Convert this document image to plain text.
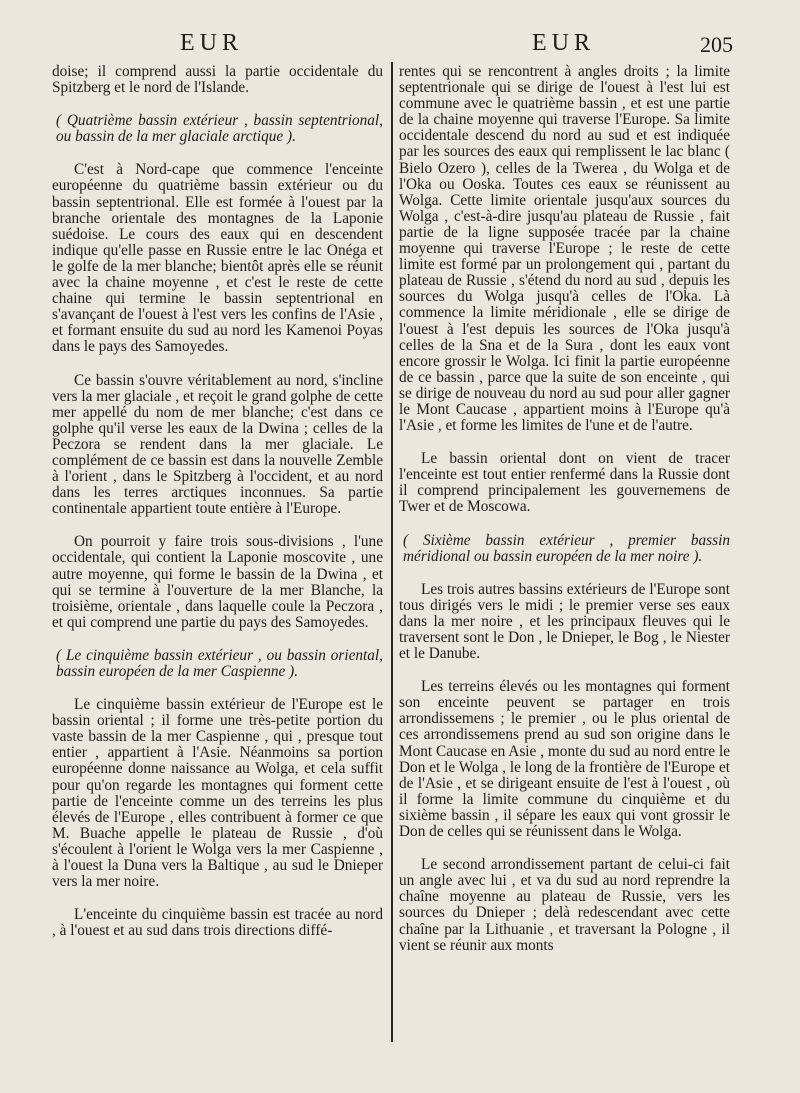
EUR	EUR	205

doise; il comprend aussi la partie occidentale du Spitzberg et le nord de l'Islande.

( Quatrième bassin extérieur , bassin septentrional, ou bassin de la mer glaciale arctique ).

C'est à Nord-cape que commence l'enceinte européenne du quatrième bassin extérieur ou du bassin septentrional. Elle est formée à l'ouest par la branche orientale des montagnes de la Laponie suédoise. Le cours des eaux qui en descendent indique qu'elle passe en Russie entre le lac Onéga et le golfe de la mer blanche; bientôt après elle se réunit avec la chaine moyenne , et c'est le reste de cette chaine qui termine le bassin septentrional en s'avançant de l'ouest à l'est vers les confins de l'Asie , et formant ensuite du sud au nord les Kamenoi Poyas dans le pays des Samoyedes.

Ce bassin s'ouvre véritablement au nord, s'incline vers la mer glaciale , et reçoit le grand golphe de cette mer appellé du nom de mer blanche; c'est dans ce golphe qu'il verse les eaux de la Dwina ; celles de la Peczora se rendent dans la mer glaciale. Le complément de ce bassin est dans la nouvelle Zemble à l'orient , dans le Spitzberg à l'occident, et au nord dans les terres arctiques inconnues. Sa partie continentale appartient toute entière à l'Europe.

On pourroit y faire trois sous-divisions , l'une occidentale, qui contient la Laponie moscovite , une autre moyenne, qui forme le bassin de la Dwina , et qui se termine à l'ouverture de la mer Blanche, la troisième, orientale , dans laquelle coule la Peczora , et qui comprend une partie du pays des Samoyedes.

( Le cinquième bassin extérieur , ou bassin oriental, bassin européen de la mer Caspienne ).

Le cinquième bassin extérieur de l'Europe est le bassin oriental ; il forme une très-petite portion du vaste bassin de la mer Caspienne , qui , presque tout entier , appartient à l'Asie. Néanmoins sa portion européenne donne naissance au Wolga, et cela suffit pour qu'on regarde les montagnes qui forment cette partie de l'enceinte comme un des terreins les plus élevés de l'Europe , elles contribuent à former ce que M. Buache appelle le plateau de Russie , d'où s'écoulent à l'orient le Wolga vers la mer Caspienne , à l'ouest la Duna vers la Baltique , au sud le Dnieper vers la mer noire.

L'enceinte du cinquième bassin est tracée au nord , à l'ouest et au sud dans trois directions diffé-

rentes qui se rencontrent à angles droits ; la limite septentrionale qui se dirige de l'ouest à l'est lui est commune avec le quatrième bassin , et est une partie de la chaine moyenne qui traverse l'Europe. Sa limite occidentale descend du nord au sud et est indiquée par les sources des eaux qui remplissent le lac blanc ( Bielo Ozero ), celles de la Twerea , du Wolga et de l'Oka ou Ooska. Toutes ces eaux se réunissent au Wolga. Cette limite orientale jusqu'aux sources du Wolga , c'est-à-dire jusqu'au plateau de Russie , fait partie de la ligne supposée tracée par la chaine moyenne qui traverse l'Europe ; le reste de cette limite est formé par un prolongement qui , partant du plateau de Russie , s'étend du nord au sud , depuis les sources du Wolga jusqu'à celles de l'Oka. Là commence la limite méridionale , elle se dirige de l'ouest à l'est depuis les sources de l'Oka jusqu'à celles de la Sna et de la Sura , dont les eaux vont encore grossir le Wolga. Ici finit la partie européenne de ce bassin , parce que la suite de son enceinte , qui se dirige de nouveau du nord au sud pour aller gagner le Mont Caucase , appartient moins à l'Europe qu'à l'Asie , et forme les limites de l'une et de l'autre.

Le bassin oriental dont on vient de tracer l'enceinte est tout entier renfermé dans la Russie dont il comprend principalement les gouvernemens de Twer et de Moscowa.

( Sixième bassin extérieur , premier bassin méridional ou bassin européen de la mer noire ).

Les trois autres bassins extérieurs de l'Europe sont tous dirigés vers le midi ; le premier verse ses eaux dans la mer noire , et les principaux fleuves qui le traversent sont le Don , le Dnieper, le Bog , le Niester et le Danube.

Les terreins élevés ou les montagnes qui forment son enceinte peuvent se partager en trois arrondissemens ; le premier , ou le plus oriental de ces arrondissemens prend au sud son origine dans le Mont Caucase en Asie , monte du sud au nord entre le Don et le Wolga , le long de la frontière de l'Europe et de l'Asie , et se dirigeant ensuite de l'est à l'ouest , où il forme la limite commune du cinquième et du sixième bassin , il sépare les eaux qui vont grossir le Don de celles qui se réunissent dans le Wolga.

Le second arrondissement partant de celui-ci fait un angle avec lui , et va du sud au nord reprendre la chaîne moyenne au plateau de Russie, vers les sources du Dnieper ; delà redescendant avec cette chaîne par la Lithuanie , et traversant la Pologne , il vient se réunir aux monts
